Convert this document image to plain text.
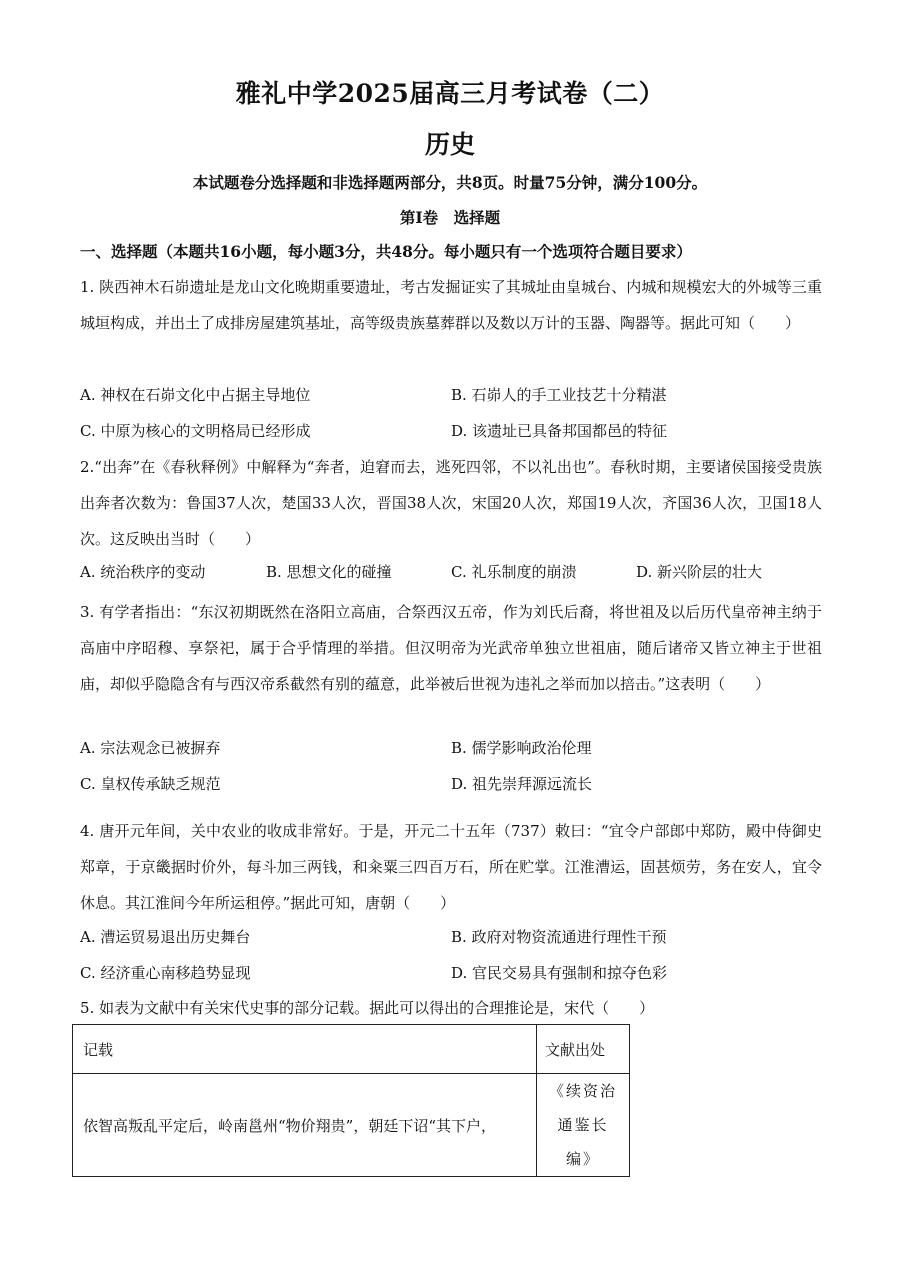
雅礼中学2025届高三月考试卷（二）
历史
本试题卷分选择题和非选择题两部分，共8页。时量75分钟，满分100分。
第Ⅰ卷　选择题
一、选择题（本题共16小题，每小题3分，共48分。每小题只有一个选项符合题目要求）
1. 陕西神木石峁遗址是龙山文化晚期重要遗址，考古发掘证实了其城址由皇城台、内城和规模宏大的外城等三重城垣构成，并出土了成排房屋建筑基址，高等级贵族墓葬群以及数以万计的玉器、陶器等。据此可知（　　）
A. 神权在石峁文化中占据主导地位	B. 石峁人的手工业技艺十分精湛
C. 中原为核心的文明格局已经形成	D. 该遗址已具备邦国都邑的特征
2.“出奔”在《春秋释例》中解释为“奔者，迫窘而去，逃死四邻，不以礼出也”。春秋时期，主要诸侯国接受贵族出奔者次数为：鲁国37人次，楚国33人次，晋国38人次，宋国20人次，郑国19人次，齐国36人次，卫国18人次。这反映出当时（　　）
A. 统治秩序的变动	B. 思想文化的碰撞	C. 礼乐制度的崩溃	D. 新兴阶层的壮大
3. 有学者指出：“东汉初期既然在洛阳立高庙，合祭西汉五帝，作为刘氏后裔，将世祖及以后历代皇帝神主纳于高庙中序昭穆、享祭祀，属于合乎情理的举措。但汉明帝为光武帝单独立世祖庙，随后诸帝又皆立神主于世祖庙，却似乎隐隐含有与西汉帝系截然有别的蕴意，此举被后世视为违礼之举而加以掊击。”这表明（　　）
A. 宗法观念已被摒弃	B. 儒学影响政治伦理
C. 皇权传承缺乏规范	D. 祖先崇拜源远流长
4. 唐开元年间，关中农业的收成非常好。于是，开元二十五年（737）敕曰：“宜令户部郎中郑防，殿中侍御史郑章，于京畿据时价外，每斗加三两钱，和籴粟三四百万石，所在贮掌。江淮漕运，固甚烦劳，务在安人，宜令休息。其江淮间今年所运租停。”据此可知，唐朝（　　）
A. 漕运贸易退出历史舞台	B. 政府对物资流通进行理性干预
C. 经济重心南移趋势显现	D. 官民交易具有强制和掠夺色彩
5. 如表为文献中有关宋代史事的部分记载。据此可以得出的合理推论是，宋代（　　）
记载	文献出处
依智高叛乱平定后，岭南邕州“物价翔贵”，朝廷下诏“其下户，	《续资治
通鉴长编》
